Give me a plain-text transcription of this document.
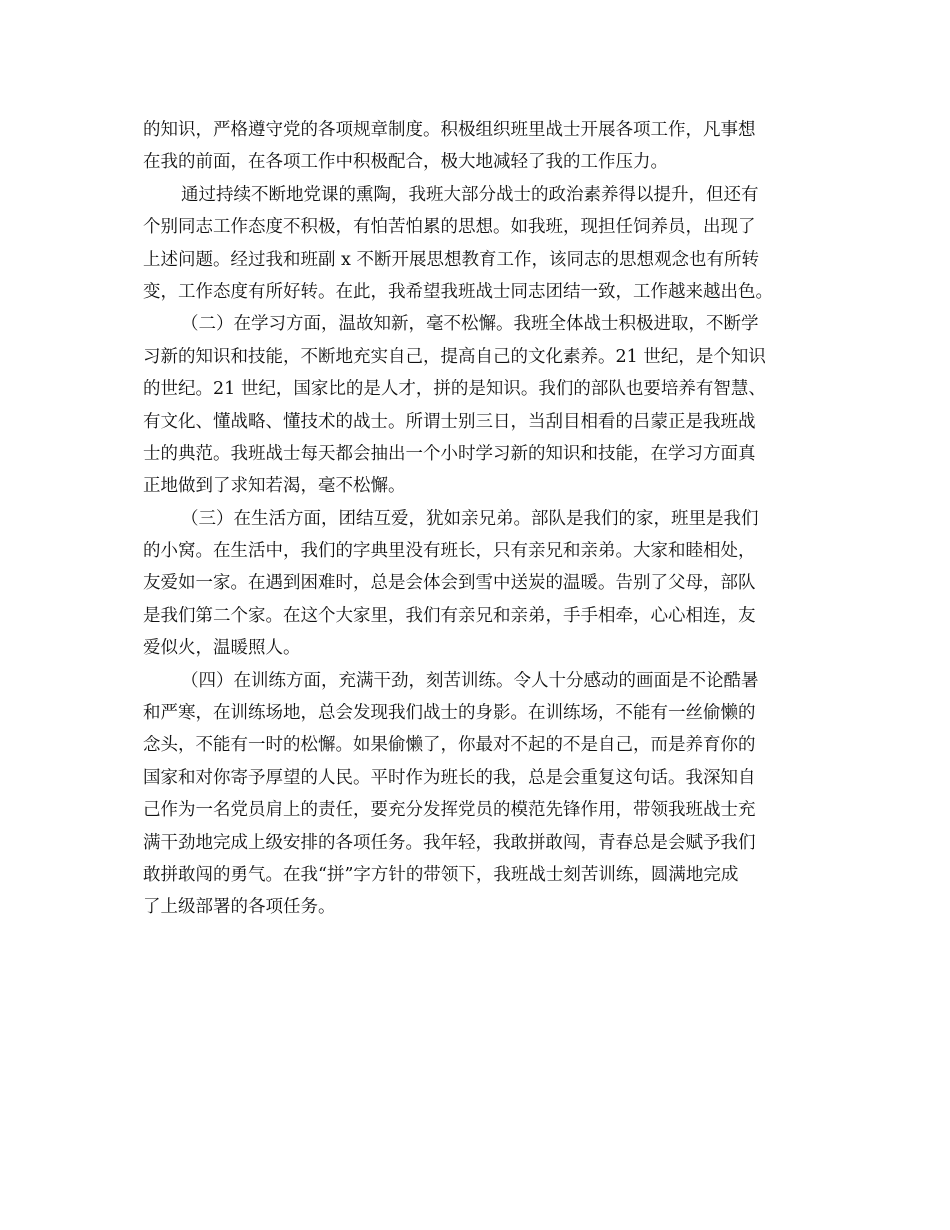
的知识，严格遵守党的各项规章制度。积极组织班里战士开展各项工作，凡事想
在我的前面，在各项工作中积极配合，极大地减轻了我的工作压力。
通过持续不断地党课的熏陶，我班大部分战士的政治素养得以提升，但还有
个别同志工作态度不积极，有怕苦怕累的思想。如我班，现担任饲养员，出现了
上述问题。经过我和班副 x 不断开展思想教育工作，该同志的思想观念也有所转
变，工作态度有所好转。在此，我希望我班战士同志团结一致，工作越来越出色。
（二）在学习方面，温故知新，毫不松懈。我班全体战士积极进取，不断学
习新的知识和技能，不断地充实自己，提高自己的文化素养。21 世纪，是个知识
的世纪。21 世纪，国家比的是人才，拼的是知识。我们的部队也要培养有智慧、
有文化、懂战略、懂技术的战士。所谓士别三日，当刮目相看的吕蒙正是我班战
士的典范。我班战士每天都会抽出一个小时学习新的知识和技能，在学习方面真
正地做到了求知若渴，毫不松懈。
（三）在生活方面，团结互爱，犹如亲兄弟。部队是我们的家，班里是我们
的小窝。在生活中，我们的字典里没有班长，只有亲兄和亲弟。大家和睦相处，
友爱如一家。在遇到困难时，总是会体会到雪中送炭的温暖。告别了父母，部队
是我们第二个家。在这个大家里，我们有亲兄和亲弟，手手相牵，心心相连，友
爱似火，温暖照人。
（四）在训练方面，充满干劲，刻苦训练。令人十分感动的画面是不论酷暑
和严寒，在训练场地，总会发现我们战士的身影。在训练场，不能有一丝偷懒的
念头，不能有一时的松懈。如果偷懒了，你最对不起的不是自己，而是养育你的
国家和对你寄予厚望的人民。平时作为班长的我，总是会重复这句话。我深知自
己作为一名党员肩上的责任，要充分发挥党员的模范先锋作用，带领我班战士充
满干劲地完成上级安排的各项任务。我年轻，我敢拼敢闯，青春总是会赋予我们
敢拼敢闯的勇气。在我“拼”字方针的带领下，我班战士刻苦训练，圆满地完成
了上级部署的各项任务。
